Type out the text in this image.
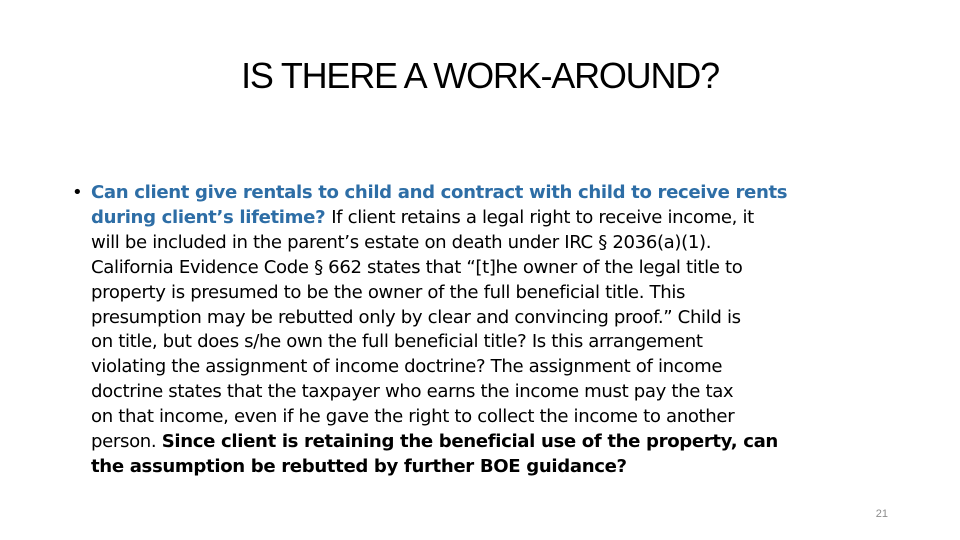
IS THERE A WORK-AROUND?
• Can client give rentals to child and contract with child to receive rents
during client’s lifetime? If client retains a legal right to receive income, it
will be included in the parent’s estate on death under IRC § 2036(a)(1).
California Evidence Code § 662 states that “[t]he owner of the legal title to
property is presumed to be the owner of the full beneficial title. This
presumption may be rebutted only by clear and convincing proof.” Child is
on title, but does s/he own the full beneficial title? Is this arrangement
violating the assignment of income doctrine? The assignment of income
doctrine states that the taxpayer who earns the income must pay the tax
on that income, even if he gave the right to collect the income to another
person. Since client is retaining the beneficial use of the property, can
the assumption be rebutted by further BOE guidance?
21
